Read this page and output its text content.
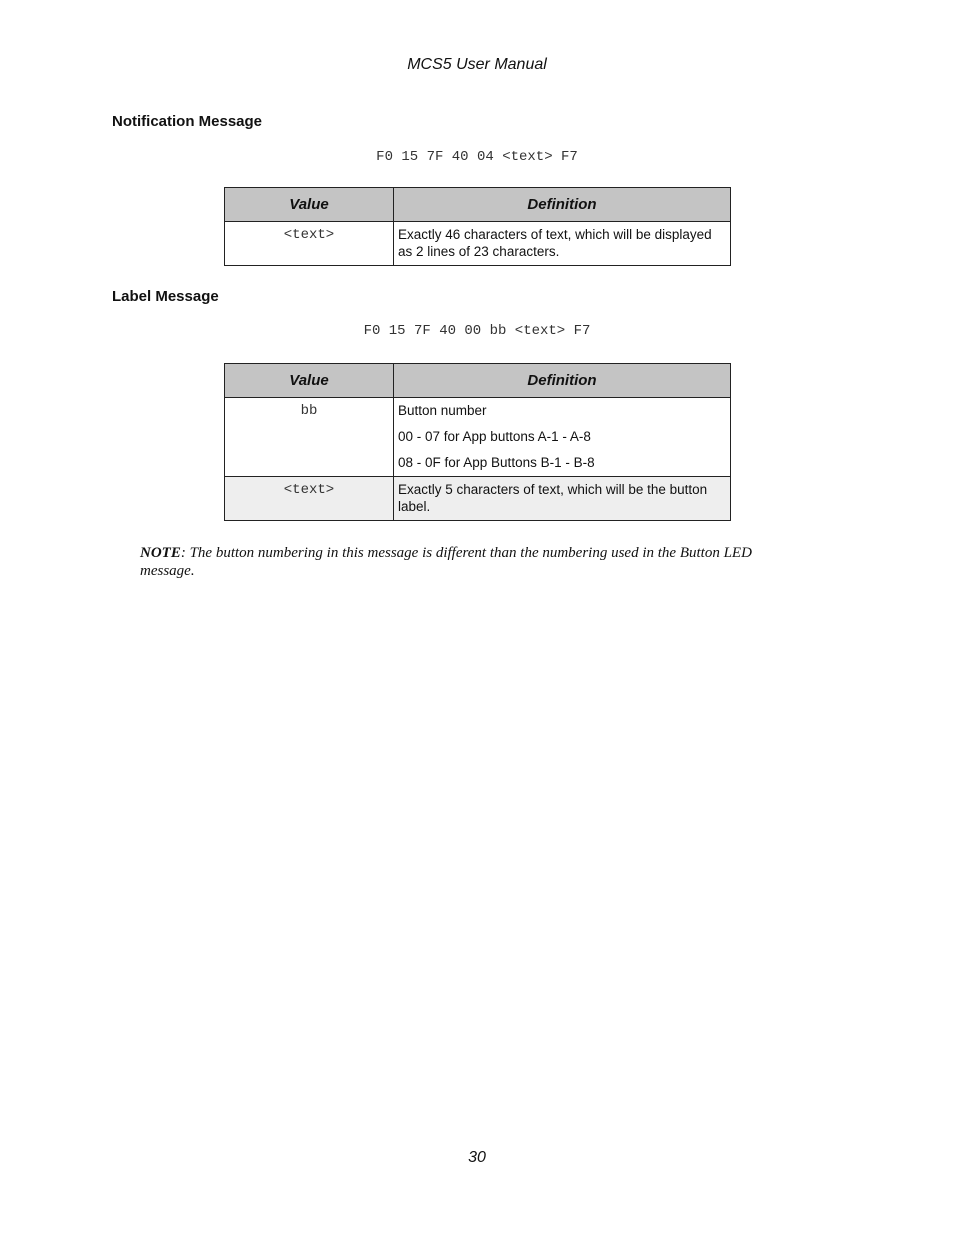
MCS5 User Manual
Notification Message
F0 15 7F 40 04 <text> F7
Value	Definition
<text>	Exactly 46 characters of text, which will be displayed as 2 lines of 23 characters.

Label Message
F0 15 7F 40 00 bb <text> F7
Value	Definition
bb	Button number

00 - 07 for App buttons A-1 - A-8

08 - 0F for App Buttons B-1 - B-8

<text>	Exactly 5 characters of text, which will be the button label.

NOTE: The button numbering in this message is different than the numbering used in the Button LED message.
30
